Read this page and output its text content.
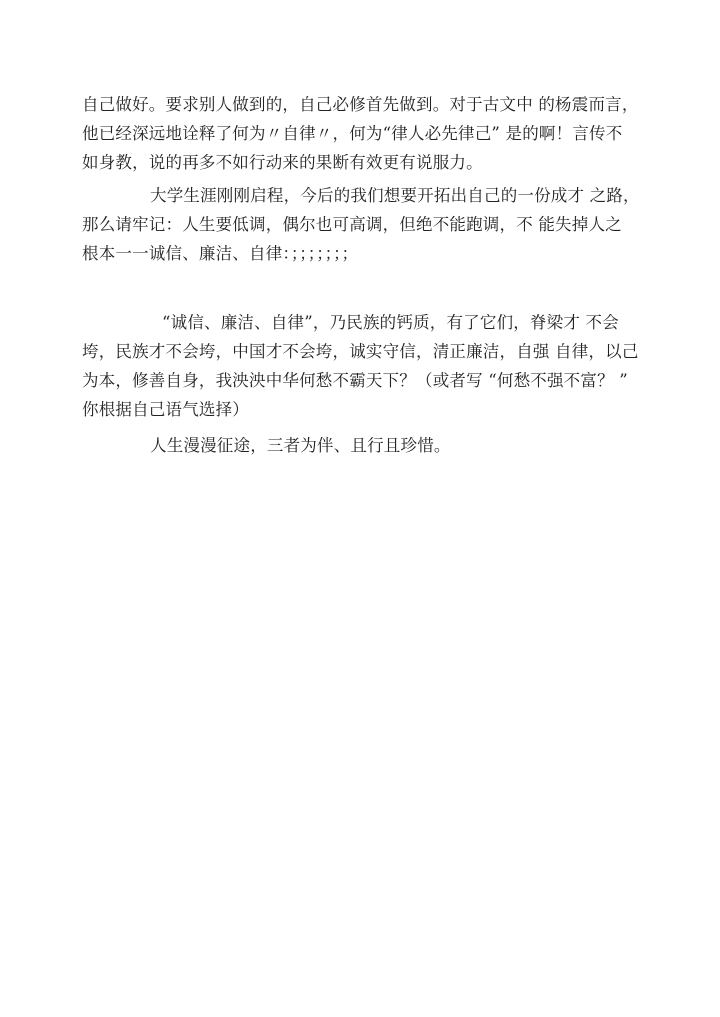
自己做好。要求别人做到的，自己必修首先做到。对于古文中 的杨震而言，
他已经深远地诠释了何为〃自律〃，何为“律人必先律己” 是的啊！言传不
如身教，说的再多不如行动来的果断有效更有说服力。
大学生涯刚刚启程，今后的我们想要开拓出自己的一份成才 之路，
那么请牢记：人生要低调，偶尔也可高调，但绝不能跑调，不 能失掉人之
根本一一诚信、廉洁、自律：；；；；；；；
“诚信、廉洁、自律”，乃民族的钙质，有了它们，脊梁才 不会
垮，民族才不会垮，中国才不会垮，诚实守信，清正廉洁，自强 自律，以己
为本，修善自身，我泱泱中华何愁不霸天下？（或者写 “何愁不强不富？ ”
你根据自己语气选择）
人生漫漫征途，三者为伴、且行且珍惜。
